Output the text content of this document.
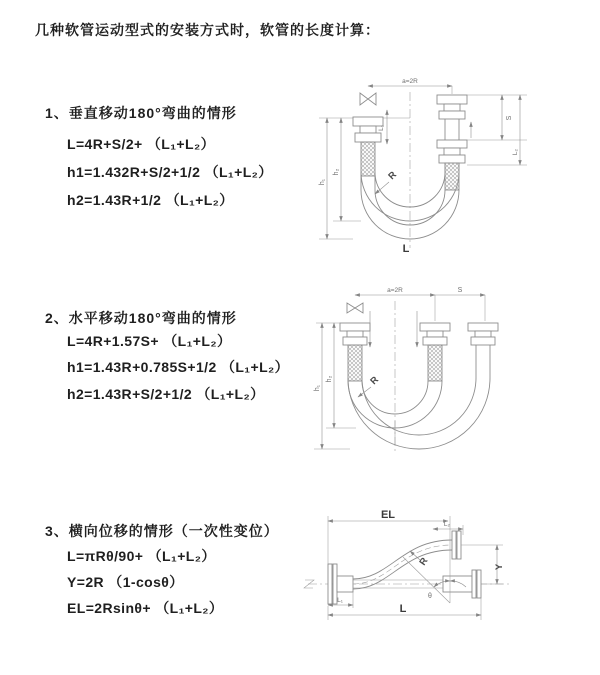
几种软管运动型式的安装方式时，软管的长度计算：
1、垂直移动180°弯曲的情形
L=4R+S/2+ （L₁+L₂）
h1=1.432R+S/2+1/2 （L₁+L₂）
h2=1.43R+1/2 （L₁+L₂）
a=2R
h₁
h₂
L₁
S
L₂
R
L
2、水平移动180°弯曲的情形
L=4R+1.57S+ （L₁+L₂）
h1=1.43R+0.785S+1/2 （L₁+L₂）
h2=1.43R+S/2+1/2 （L₁+L₂）
a=2R	S
h₁
h₂	R
3、横向位移的情形（一次性变位）
L=πRθ/90+ （L₁+L₂）
Y=2R （1-cosθ）
EL=2Rsinθ+ （L₁+L₂）
θ
EL
L₂
Y
L
L₁
R
